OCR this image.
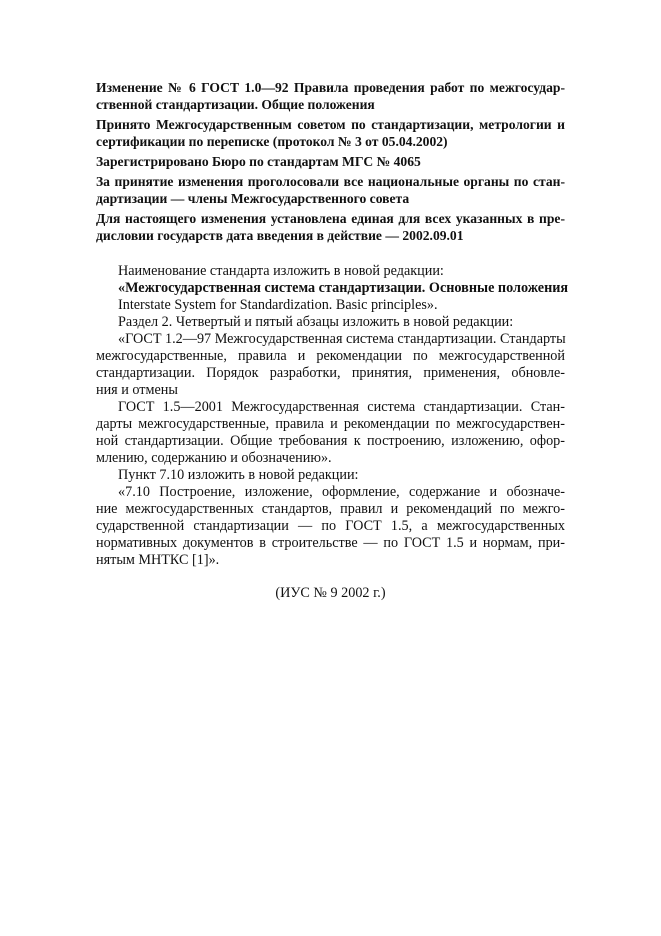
Изменение № 6 ГОСТ 1.0—92 Правила проведения работ по межгосудар-
ственной стандартизации. Общие положения
Принято Межгосударственным советом по стандартизации, метрологии и
сертификации по переписке (протокол № 3 от 05.04.2002)
Зарегистрировано Бюро по стандартам МГС № 4065
За принятие изменения проголосовали все национальные органы по стан-
дартизации — члены Межгосударственного совета
Для настоящего изменения установлена единая для всех указанных в пре-
дисловии государств дата введения в действие — 2002.09.01
Наименование стандарта изложить в новой редакции:
«Межгосударственная система стандартизации. Основные положения
Interstate System for Standardization. Basic principles».
Раздел 2. Четвертый и пятый абзацы изложить в новой редакции:
«ГОСТ 1.2—97 Межгосударственная система стандартизации. Стандарты
межгосударственные, правила и рекомендации по межгосударственной
стандартизации. Порядок разработки, принятия, применения, обновле-
ния и отмены
ГОСТ 1.5—2001 Межгосударственная система стандартизации. Стан-
дарты межгосударственные, правила и рекомендации по межгосударствен-
ной стандартизации. Общие требования к построению, изложению, офор-
млению, содержанию и обозначению».
Пункт 7.10 изложить в новой редакции:
«7.10 Построение, изложение, оформление, содержание и обозначе-
ние межгосударственных стандартов, правил и рекомендаций по межго-
сударственной стандартизации — по ГОСТ 1.5, а межгосударственных
нормативных документов в строительстве — по ГОСТ 1.5 и нормам, при-
нятым МНТКС [1]».
(ИУС № 9 2002 г.)
